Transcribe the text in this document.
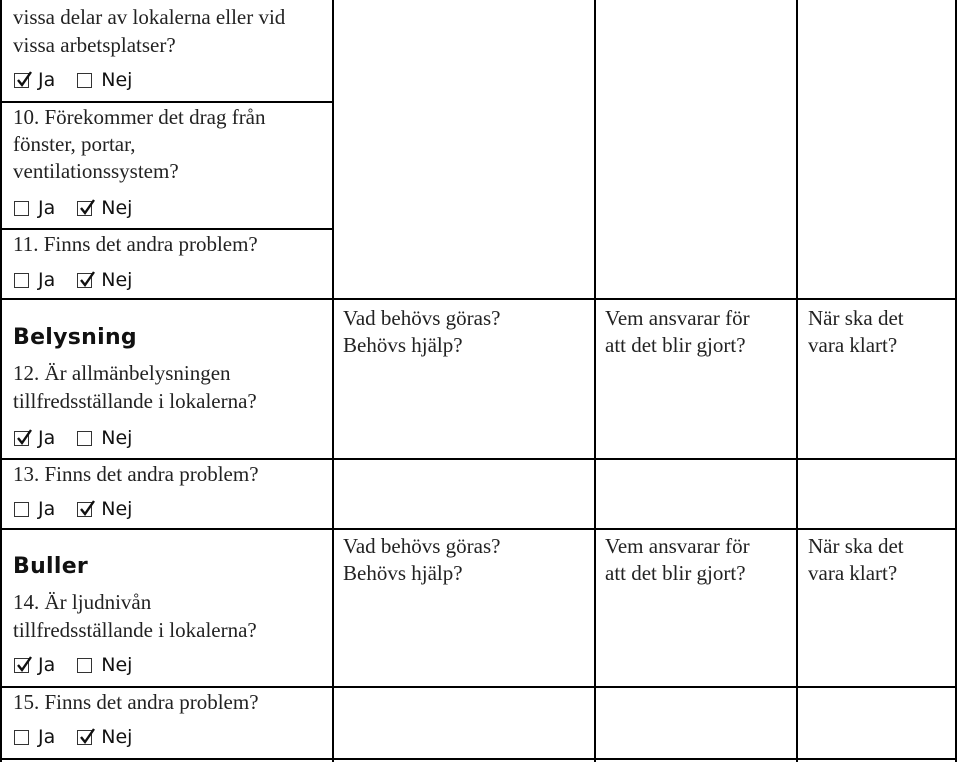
vissa delar av lokalerna eller vid
vissa arbetsplatser?
Ja Nej
10. Förekommer det drag från
fönster, portar,
ventilationssystem?
Ja Nej
11. Finns det andra problem?
Ja Nej
Belysning
Vad behövs göras?
Behövs hjälp?
Vem ansvarar för
att det blir gjort?
När ska det
vara klart?
12. Är allmänbelysningen
tillfredsställande i lokalerna?
Ja Nej
13. Finns det andra problem?
Ja Nej
Buller
Vad behövs göras?
Behövs hjälp?
Vem ansvarar för
att det blir gjort?
När ska det
vara klart?
14. Är ljudnivån
tillfredsställande i lokalerna?
Ja Nej
15. Finns det andra problem?
Ja Nej
